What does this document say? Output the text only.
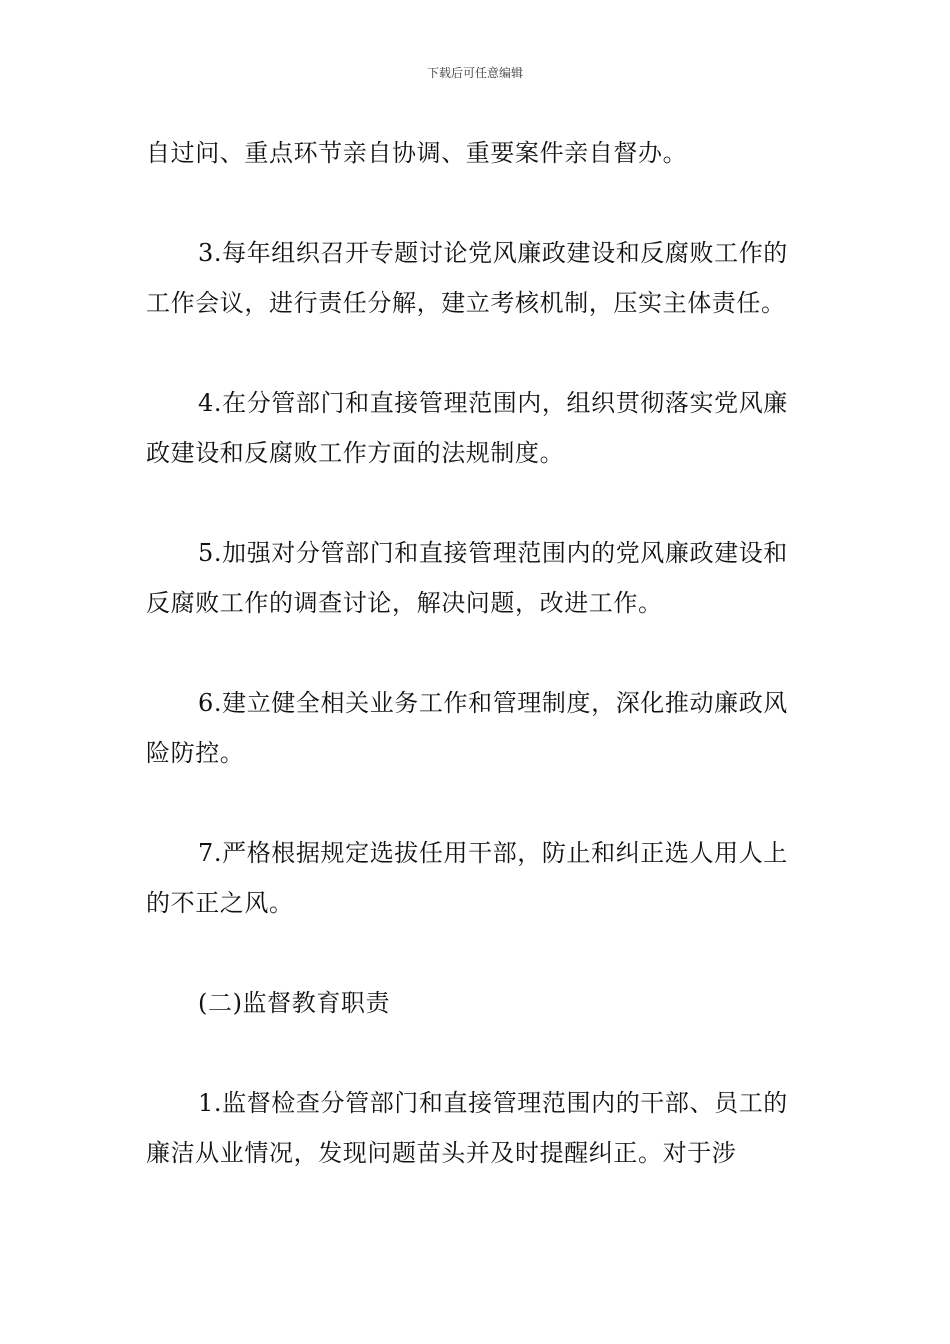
下载后可任意编辑

自过问、重点环节亲自协调、重要案件亲自督办。

3.每年组织召开专题讨论党风廉政建设和反腐败工作的工作会议，进行责任分解，建立考核机制，压实主体责任。

4.在分管部门和直接管理范围内，组织贯彻落实党风廉政建设和反腐败工作方面的法规制度。

5.加强对分管部门和直接管理范围内的党风廉政建设和反腐败工作的调查讨论，解决问题，改进工作。

6.建立健全相关业务工作和管理制度，深化推动廉政风险防控。

7.严格根据规定选拔任用干部，防止和纠正选人用人上的不正之风。

(二)监督教育职责

1.监督检查分管部门和直接管理范围内的干部、员工的廉洁从业情况，发现问题苗头并及时提醒纠正。对于涉
